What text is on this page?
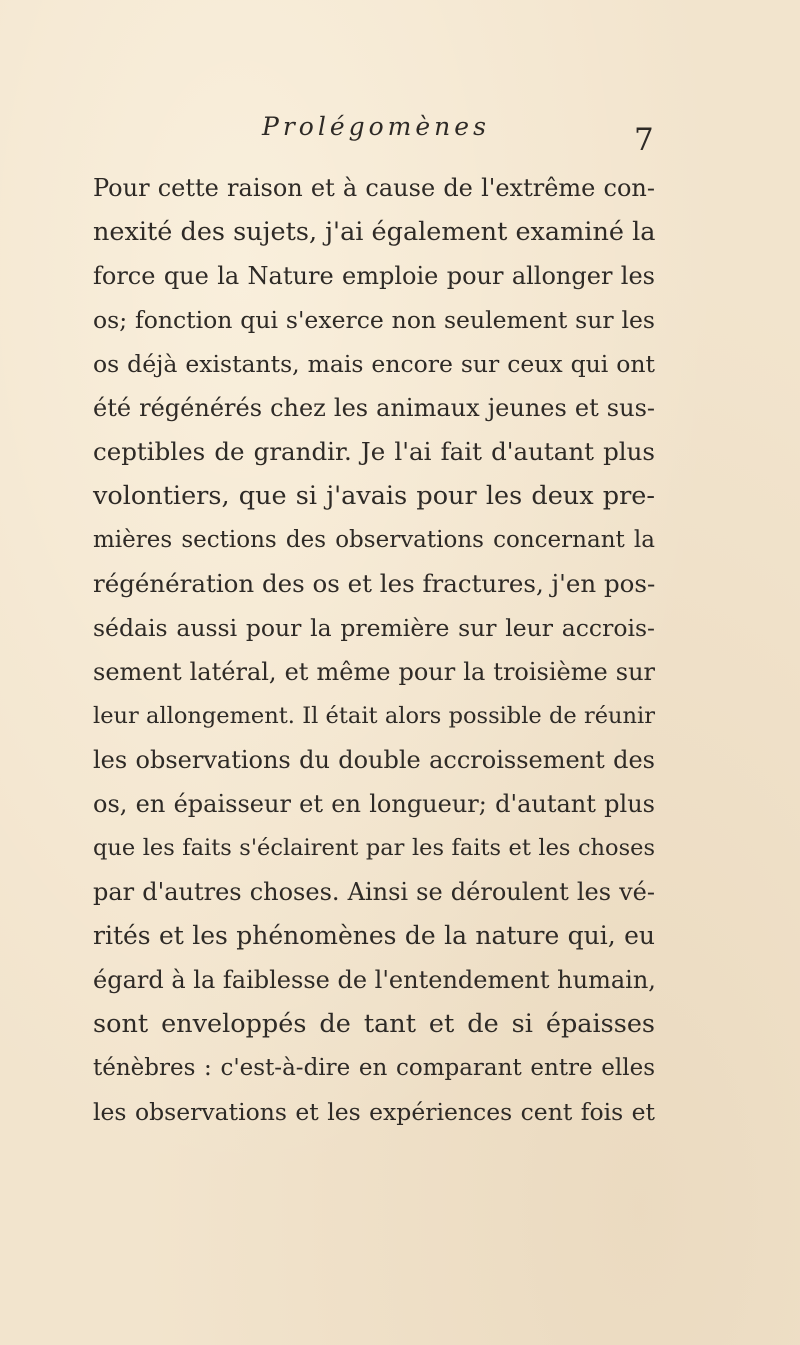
Prolégomènes	7
Pour cette raison et à cause de l'extrême con-
nexité des sujets, j'ai également examiné la
force que la Nature emploie pour allonger les
os; fonction qui s'exerce non seulement sur les
os déjà existants, mais encore sur ceux qui ont
été régénérés chez les animaux jeunes et sus-
ceptibles de grandir. Je l'ai fait d'autant plus
volontiers, que si j'avais pour les deux pre-
mières sections des observations concernant la
régénération des os et les fractures, j'en pos-
sédais aussi pour la première sur leur accrois-
sement latéral, et même pour la troisième sur
leur allongement. Il était alors possible de réunir
les observations du double accroissement des
os, en épaisseur et en longueur; d'autant plus
que les faits s'éclairent par les faits et les choses
par d'autres choses. Ainsi se déroulent les vé-
rités et les phénomènes de la nature qui, eu
égard à la faiblesse de l'entendement humain,
sont enveloppés de tant et de si épaisses
ténèbres : c'est-à-dire en comparant entre elles
les observations et les expériences cent fois et
